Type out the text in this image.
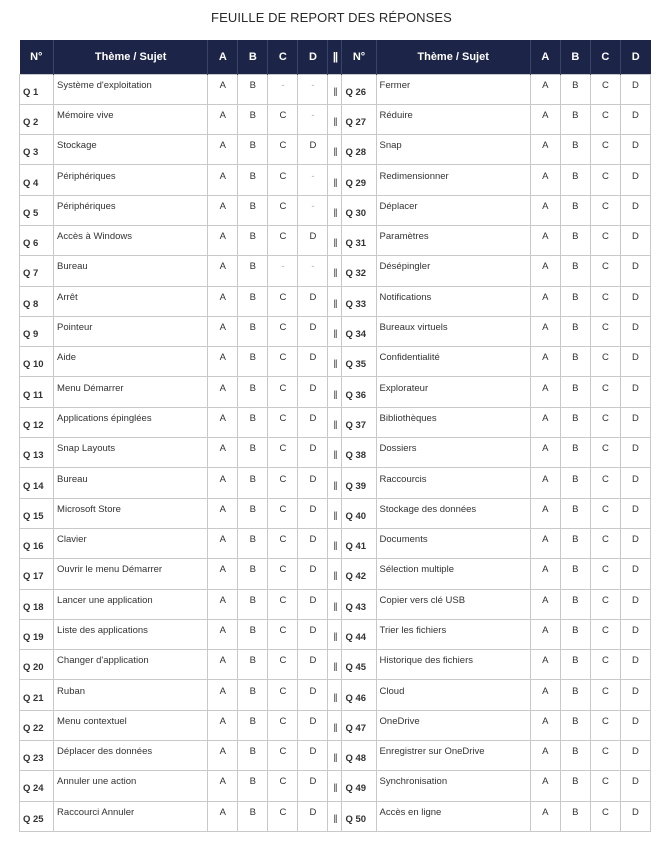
FEUILLE DE REPORT DES RÉPONSES
N°	Thème / Sujet	A	B	C	D	||	N°	Thème / Sujet	A	B	C	D
Q 1	Système d'exploitation	A	B	-	-	||	Q 26	Fermer	A	B	C	D
Q 2	Mémoire vive	A	B	C	-	||	Q 27	Réduire	A	B	C	D
Q 3	Stockage	A	B	C	D	||	Q 28	Snap	A	B	C	D
Q 4	Périphériques	A	B	C	-	||	Q 29	Redimensionner	A	B	C	D
Q 5	Périphériques	A	B	C	-	||	Q 30	Déplacer	A	B	C	D
Q 6	Accès à Windows	A	B	C	D	||	Q 31	Paramètres	A	B	C	D
Q 7	Bureau	A	B	-	-	||	Q 32	Désépingler	A	B	C	D
Q 8	Arrêt	A	B	C	D	||	Q 33	Notifications	A	B	C	D
Q 9	Pointeur	A	B	C	D	||	Q 34	Bureaux virtuels	A	B	C	D
Q 10	Aide	A	B	C	D	||	Q 35	Confidentialité	A	B	C	D
Q 11	Menu Démarrer	A	B	C	D	||	Q 36	Explorateur	A	B	C	D
Q 12	Applications épinglées	A	B	C	D	||	Q 37	Bibliothèques	A	B	C	D
Q 13	Snap Layouts	A	B	C	D	||	Q 38	Dossiers	A	B	C	D
Q 14	Bureau	A	B	C	D	||	Q 39	Raccourcis	A	B	C	D
Q 15	Microsoft Store	A	B	C	D	||	Q 40	Stockage des données	A	B	C	D
Q 16	Clavier	A	B	C	D	||	Q 41	Documents	A	B	C	D
Q 17	Ouvrir le menu Démarrer	A	B	C	D	||	Q 42	Sélection multiple	A	B	C	D
Q 18	Lancer une application	A	B	C	D	||	Q 43	Copier vers clé USB	A	B	C	D
Q 19	Liste des applications	A	B	C	D	||	Q 44	Trier les fichiers	A	B	C	D
Q 20	Changer d'application	A	B	C	D	||	Q 45	Historique des fichiers	A	B	C	D
Q 21	Ruban	A	B	C	D	||	Q 46	Cloud	A	B	C	D
Q 22	Menu contextuel	A	B	C	D	||	Q 47	OneDrive	A	B	C	D
Q 23	Déplacer des données	A	B	C	D	||	Q 48	Enregistrer sur OneDrive	A	B	C	D
Q 24	Annuler une action	A	B	C	D	||	Q 49	Synchronisation	A	B	C	D
Q 25	Raccourci Annuler	A	B	C	D	||	Q 50	Accès en ligne	A	B	C	D
